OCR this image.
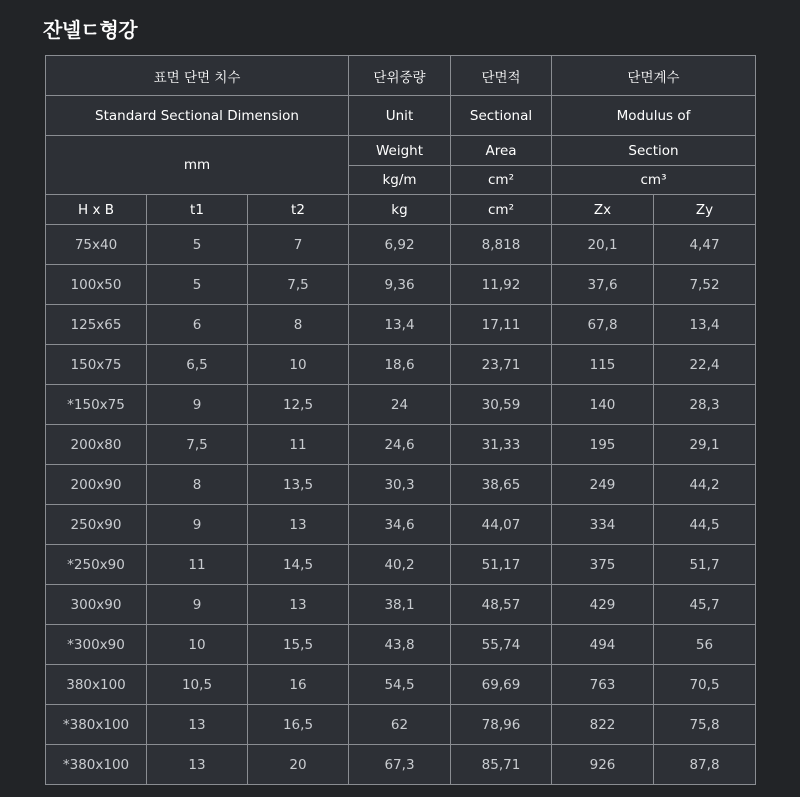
잔넬ㄷ형강
표면 단면 치수			단위중량	단면적	단면계수	
Standard Sectional Dimension			Unit	Sectional	Modulus of	
mm			Weight	Area	Section	
			kg/m	cm²	cm³	
H x B	t1	t2	kg	cm²	Zx	Zy
75x40	5	7	6,92	8,818	20,1	4,47
100x50	5	7,5	9,36	11,92	37,6	7,52
125x65	6	8	13,4	17,11	67,8	13,4
150x75	6,5	10	18,6	23,71	115	22,4
*150x75	9	12,5	24	30,59	140	28,3
200x80	7,5	11	24,6	31,33	195	29,1
200x90	8	13,5	30,3	38,65	249	44,2
250x90	9	13	34,6	44,07	334	44,5
*250x90	11	14,5	40,2	51,17	375	51,7
300x90	9	13	38,1	48,57	429	45,7
*300x90	10	15,5	43,8	55,74	494	56
380x100	10,5	16	54,5	69,69	763	70,5
*380x100	13	16,5	62	78,96	822	75,8
*380x100	13	20	67,3	85,71	926	87,8
